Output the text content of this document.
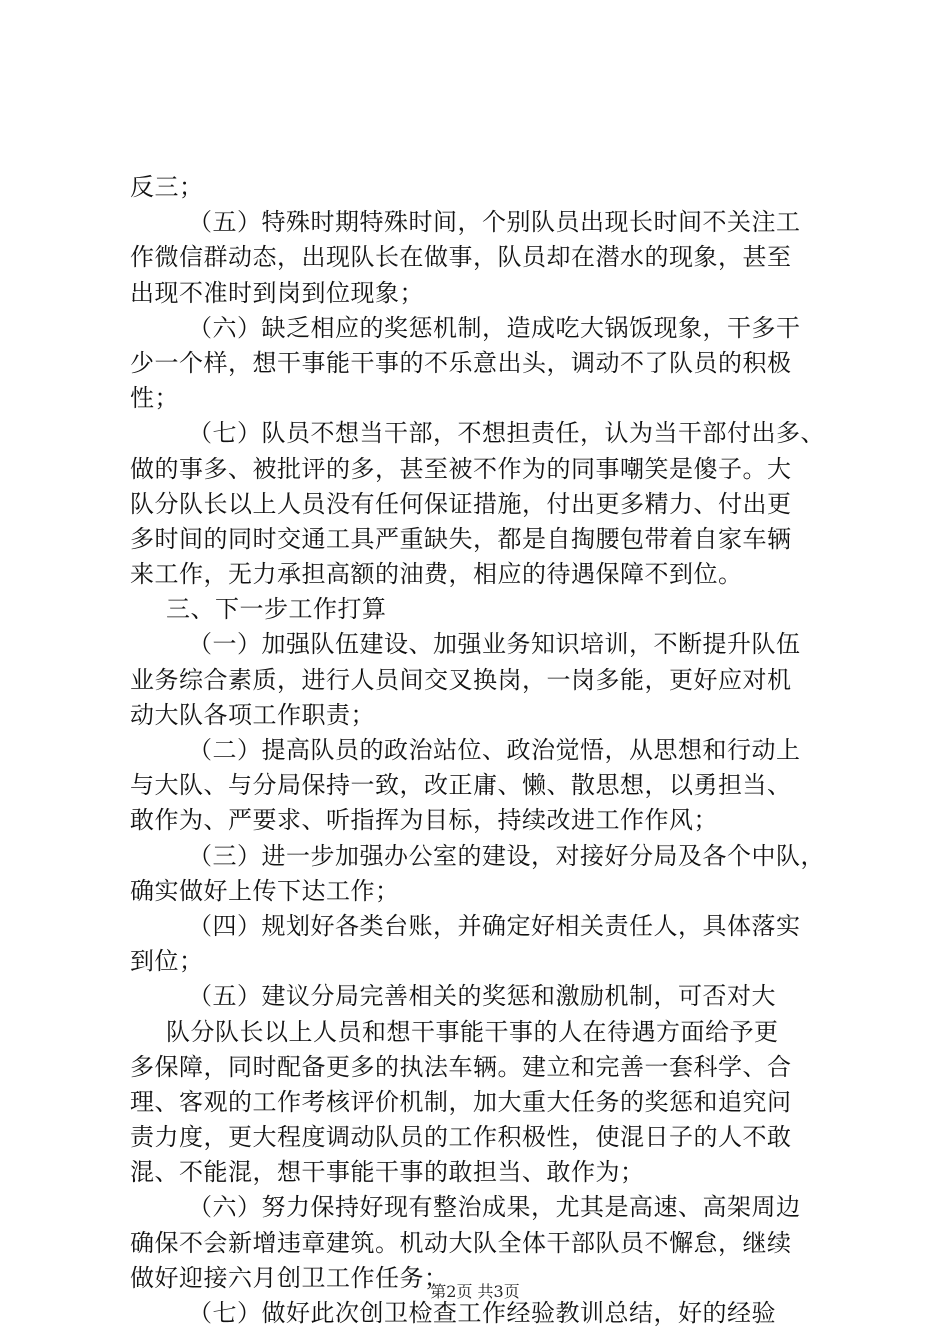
反三；
（五）特殊时期特殊时间，个别队员出现长时间不关注工
作微信群动态，出现队长在做事，队员却在潜水的现象，甚至
出现不准时到岗到位现象；
（六）缺乏相应的奖惩机制，造成吃大锅饭现象，干多干
少一个样，想干事能干事的不乐意出头，调动不了队员的积极
性；
（七）队员不想当干部，不想担责任，认为当干部付出多、
做的事多、被批评的多，甚至被不作为的同事嘲笑是傻子。大
队分队长以上人员没有任何保证措施，付出更多精力、付出更
多时间的同时交通工具严重缺失，都是自掏腰包带着自家车辆
来工作，无力承担高额的油费，相应的待遇保障不到位。
三、下一步工作打算
（一）加强队伍建设、加强业务知识培训，不断提升队伍
业务综合素质，进行人员间交叉换岗，一岗多能，更好应对机
动大队各项工作职责；
（二）提高队员的政治站位、政治觉悟，从思想和行动上
与大队、与分局保持一致，改正庸、懒、散思想，以勇担当、
敢作为、严要求、听指挥为目标，持续改进工作作风；
（三）进一步加强办公室的建设，对接好分局及各个中队，
确实做好上传下达工作；
（四）规划好各类台账，并确定好相关责任人，具体落实
到位；
（五）建议分局完善相关的奖惩和激励机制，可否对大
队分队长以上人员和想干事能干事的人在待遇方面给予更
多保障，同时配备更多的执法车辆。建立和完善一套科学、合
理、客观的工作考核评价机制，加大重大任务的奖惩和追究问
责力度，更大程度调动队员的工作积极性，使混日子的人不敢
混、不能混，想干事能干事的敢担当、敢作为；
（六）努力保持好现有整治成果，尤其是高速、高架周边
确保不会新增违章建筑。机动大队全体干部队员不懈怠，继续
做好迎接六月创卫工作任务；
（七）做好此次创卫检查工作经验教训总结，好的经验
第2页 共3页
